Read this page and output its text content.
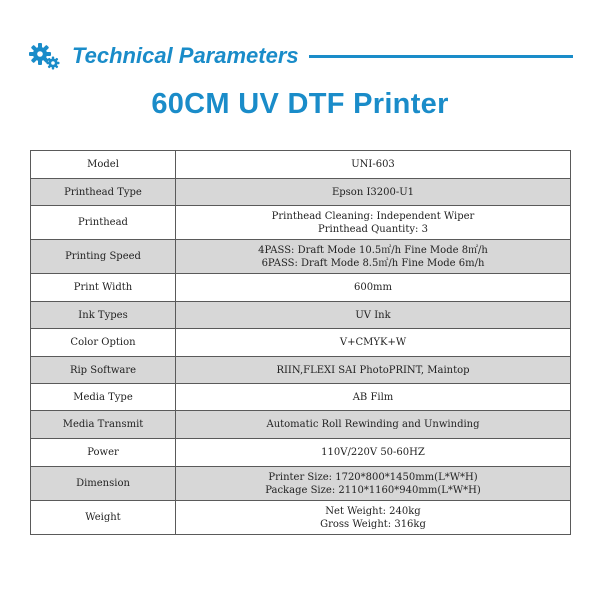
Technical Parameters
60CM UV DTF Printer
Model	UNI-603

Printhead Type	Epson I3200-U1

Printhead	Printhead Cleaning: Independent Wiper
Printhead Quantity: 3

Printing Speed	4PASS: Draft Mode 10.5㎡/h Fine Mode 8㎡/h
6PASS: Draft Mode 8.5㎡/h Fine Mode 6m/h

Print Width	600mm

Ink Types	UV Ink

Color Option	V+CMYK+W

Rip Software	RIIN,FLEXI SAI PhotoPRINT, Maintop

Media Type	AB Film

Media Transmit	Automatic Roll Rewinding and Unwinding

Power	110V/220V 50-60HZ

Dimension	Printer Size: 1720*800*1450mm(L*W*H)
Package Size: 2110*1160*940mm(L*W*H)

Weight	Net Weight: 240kg
Gross Weight: 316kg
